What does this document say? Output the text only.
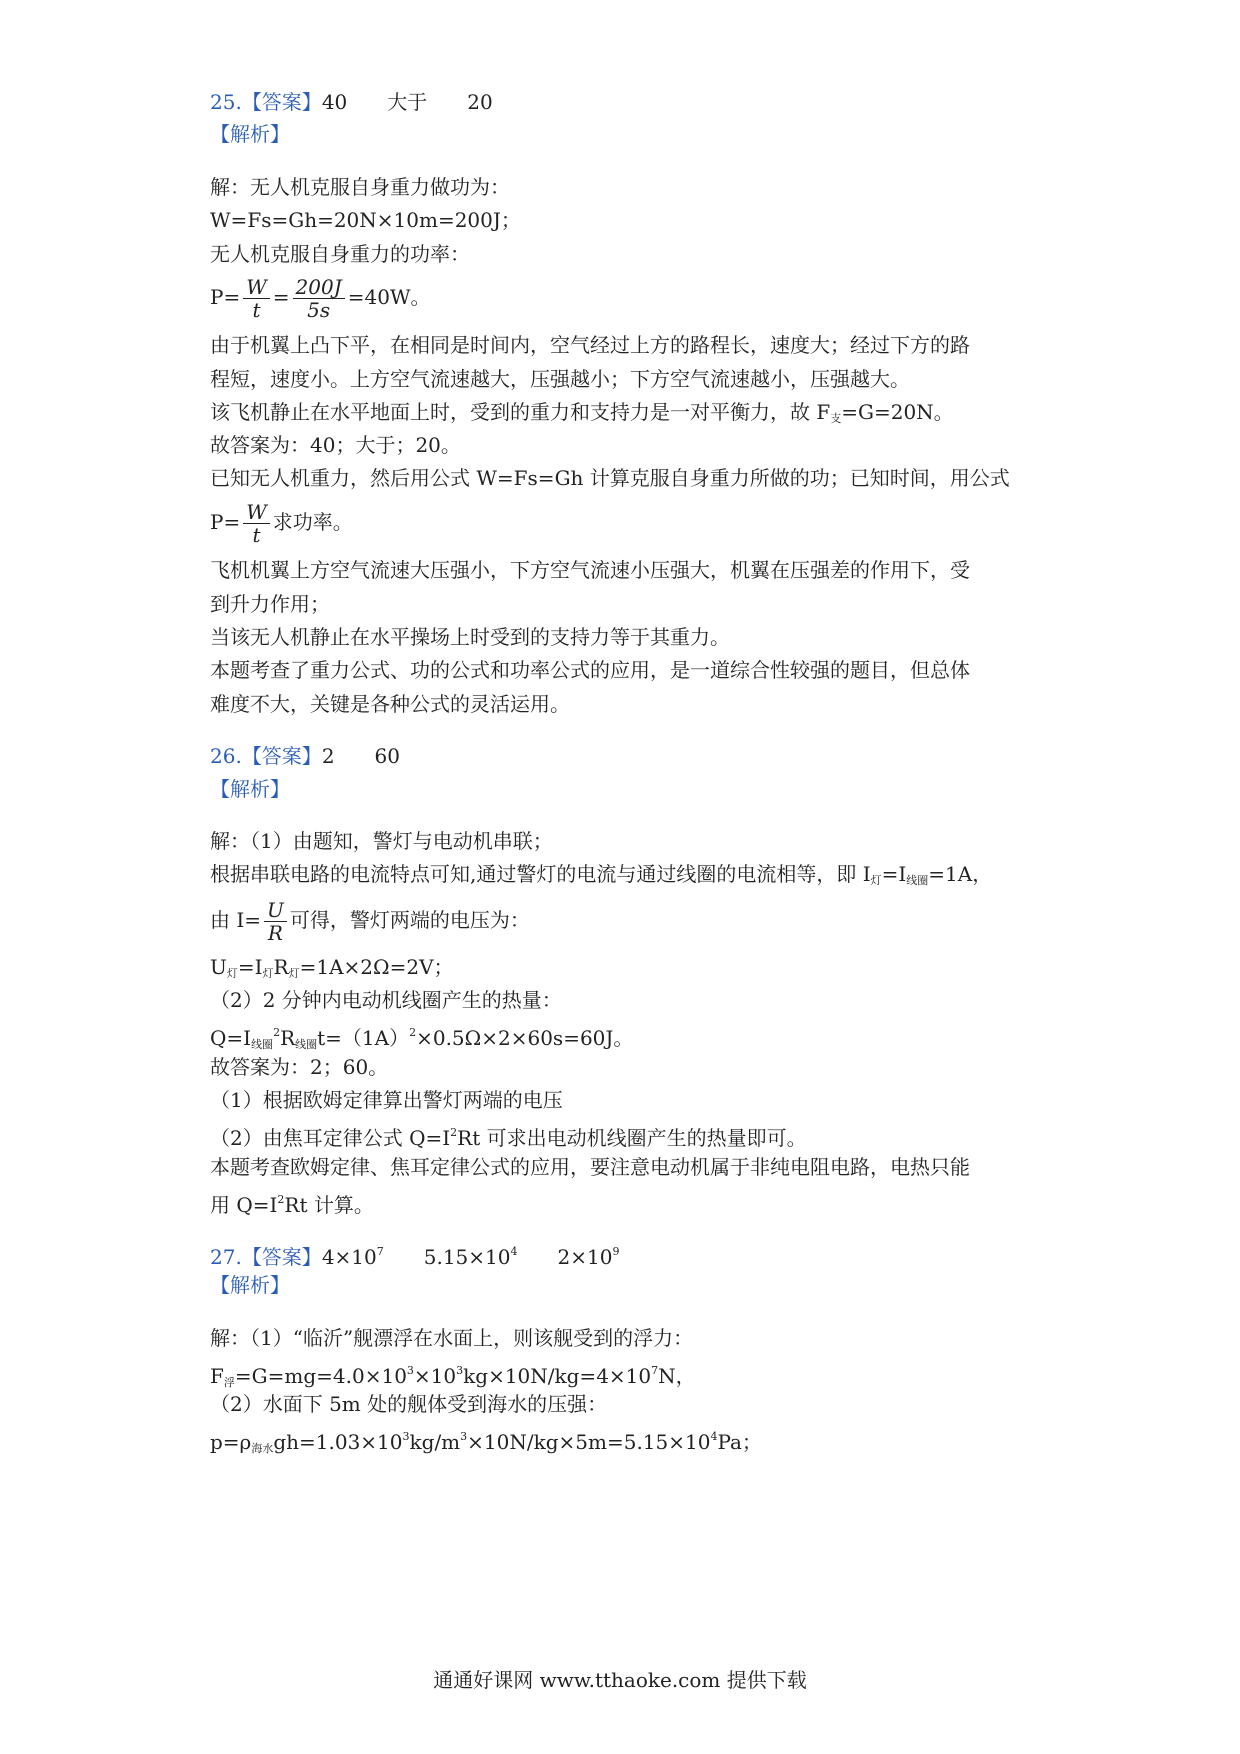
25.【答案】40 大于 20
【解析】
解：无人机克服自身重力做功为：
W=Fs=Gh=20N×10m=200J；
无人机克服自身重力的功率：
$P= \frac{W}{t} = \frac{200J}{5s} =40W$。
由于机翼上凸下平，在相同是时间内，空气经过上方的路程长，速度大；经过下方的路
程短，速度小。上方空气流速越大，压强越小；下方空气流速越小，压强越大。
该飞机静止在水平地面上时，受到的重力和支持力是一对平衡力，故 $F_支=G=20N$。
故答案为：40；大于；20。
已知无人机重力，然后用公式 W=Fs=Gh 计算克服自身重力所做的功；已知时间，用公式
$P= \frac{W}{t}$ 求功率。
飞机机翼上方空气流速大压强小，下方空气流速小压强大，机翼在压强差的作用下，受
到升力作用；
当该无人机静止在水平操场上时受到的支持力等于其重力。
本题考查了重力公式、功的公式和功率公式的应用，是一道综合性较强的题目，但总体
难度不大，关键是各种公式的灵活运用。
26.【答案】2 60
【解析】
解：（1）由题知，警灯与电动机串联；
根据串联电路的电流特点可知,通过警灯的电流与通过线圈的电流相等，即 $I_灯=I_{线圈}=1A$，
由 $I= \frac{U}{R}$ 可得，警灯两端的电压为：
$U_灯=I_灯R_灯=1A\times 2\Omega=2V$；
（2）2 分钟内电动机线圈产生的热量：
$Q=I_{线圈}^2R_{线圈}t=(1A)^2\times 0.5\Omega\times 2\times 60s=60J$。
故答案为：2；60。
（1）根据欧姆定律算出警灯两端的电压
（2）由焦耳定律公式 $Q=I^2Rt$ 可求出电动机线圈产生的热量即可。
本题考查欧姆定律、焦耳定律公式的应用，要注意电动机属于非纯电阻电路，电热只能
用 $Q=I^2Rt$ 计算。
27.【答案】$4\times 10^7$ $5.15\times 10^4$ $2\times 10^9$
【解析】
解：（1）“临沂”舰漂浮在水面上，则该舰受到的浮力：
$F_浮=G=mg=4.0\times 10^3\times 10^3kg\times 10N/kg=4\times 10^7N$，
（2）水面下 5m 处的舰体受到海水的压强：
$p=\rho_{海水}gh=1.03\times 10^3kg/m^3\times 10N/kg\times 5m=5.15\times 10^4Pa$；
通通好课网 www.tthaoke.com 提供下载
